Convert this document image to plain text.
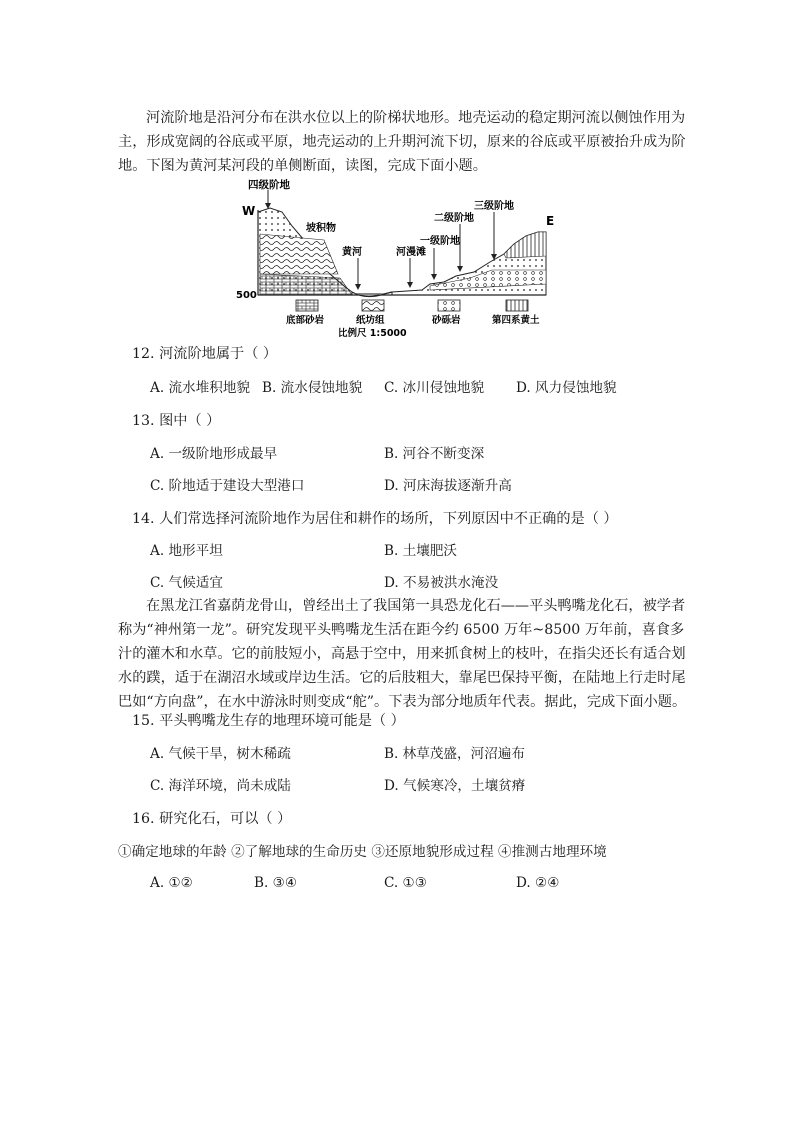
河流阶地是沿河分布在洪水位以上的阶梯状地形。地壳运动的稳定期河流以侧蚀作用为主，形成宽阔的谷底或平原，地壳运动的上升期河流下切，原来的谷底或平原被抬升成为阶地。下图为黄河某河段的单侧断面，读图，完成下面小题。
四级阶地
W
坡积物
黄河	河漫滩
一级阶地
二级阶地
三级阶地
E
500
底部砂岩	纸坊组	砂砾岩	第四系黄土
比例尺 1:5000
12. 河流阶地属于（ ）
A. 流水堆积地貌 B. 流水侵蚀地貌 C. 冰川侵蚀地貌 D. 风力侵蚀地貌
13. 图中（ ）
A. 一级阶地形成最早	B. 河谷不断变深
C. 阶地适于建设大型港口	D. 河床海拔逐渐升高
14. 人们常选择河流阶地作为居住和耕作的场所，下列原因中不正确的是（ ）
A. 地形平坦	B. 土壤肥沃
C. 气候适宜	D. 不易被洪水淹没
在黑龙江省嘉荫龙骨山，曾经出土了我国第一具恐龙化石——平头鸭嘴龙化石，被学者称为“神州第一龙”。研究发现平头鸭嘴龙生活在距今约 6500 万年~8500 万年前，喜食多汁的灌木和水草。它的前肢短小，高悬于空中，用来抓食树上的枝叶，在指尖还长有适合划水的蹼，适于在湖沼水域或岸边生活。它的后肢粗大，靠尾巴保持平衡，在陆地上行走时尾巴如“方向盘”，在水中游泳时则变成“舵”。下表为部分地质年代表。据此，完成下面小题。
15. 平头鸭嘴龙生存的地理环境可能是（ ）
A. 气候干旱，树木稀疏	B. 林草茂盛，河沼遍布
C. 海洋环境，尚未成陆	D. 气候寒冷，土壤贫瘠
16. 研究化石，可以（ ）
①确定地球的年龄 ②了解地球的生命历史 ③还原地貌形成过程 ④推测古地理环境
A. ①②	B. ③④	C. ①③	D. ②④
